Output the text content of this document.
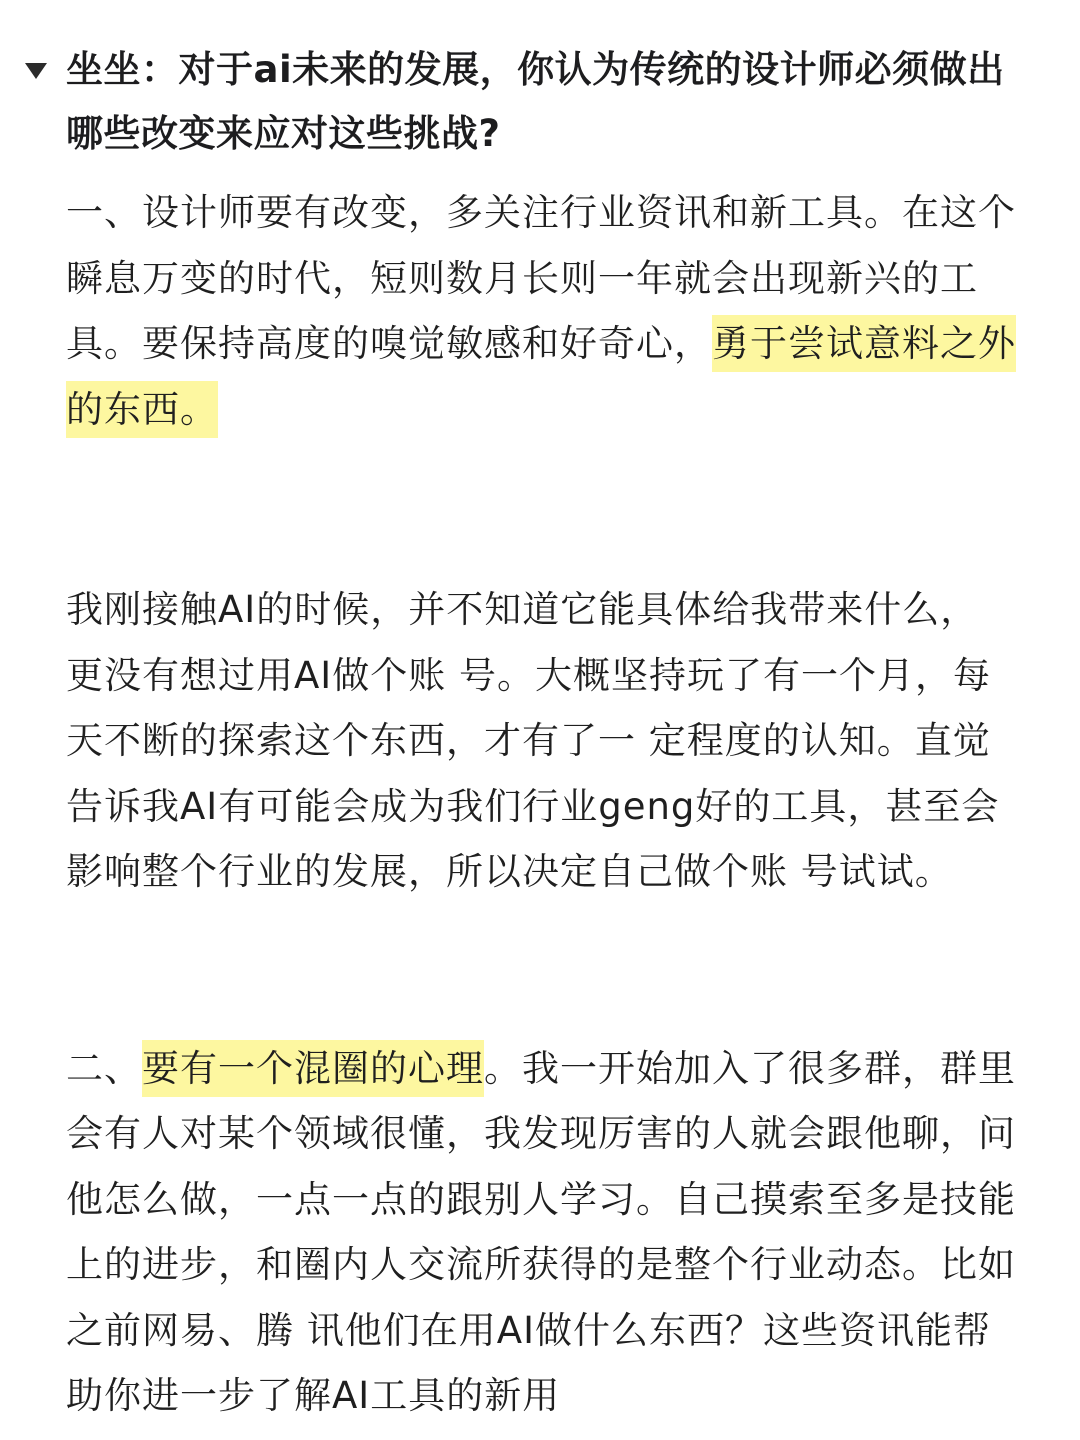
坐坐：对于ai未来的发展，你认为传统的设计师必须做出哪些改变来应对这些挑战?

一、设计师要有改变，多关注行业资讯和新工具。在这个瞬息万变的时代，短则数月长则一年就会出现新兴的工具。要保持高度的嗅觉敏感和好奇心，勇于尝试意料之外的东西。

我刚接触AI的时候，并不知道它能具体给我带来什么，更没有想过用AI做个账 号。大概坚持玩了有一个月，每天不断的探索这个东西，才有了一 定程度的认知。直觉告诉我AI有可能会成为我们行业geng好的工具，甚至会影响整个行业的发展，所以决定自己做个账 号试试。

二、要有一个混圈的心理。我一开始加入了很多群，群里会有人对某个领域很懂，我发现厉害的人就会跟他聊，问他怎么做，一点一点的跟别人学习。自己摸索至多是技能上的进步，和圈内人交流所获得的是整个行业动态。比如之前网易、腾 讯他们在用AI做什么东西？这些资讯能帮助你进一步了解AI工具的新用
